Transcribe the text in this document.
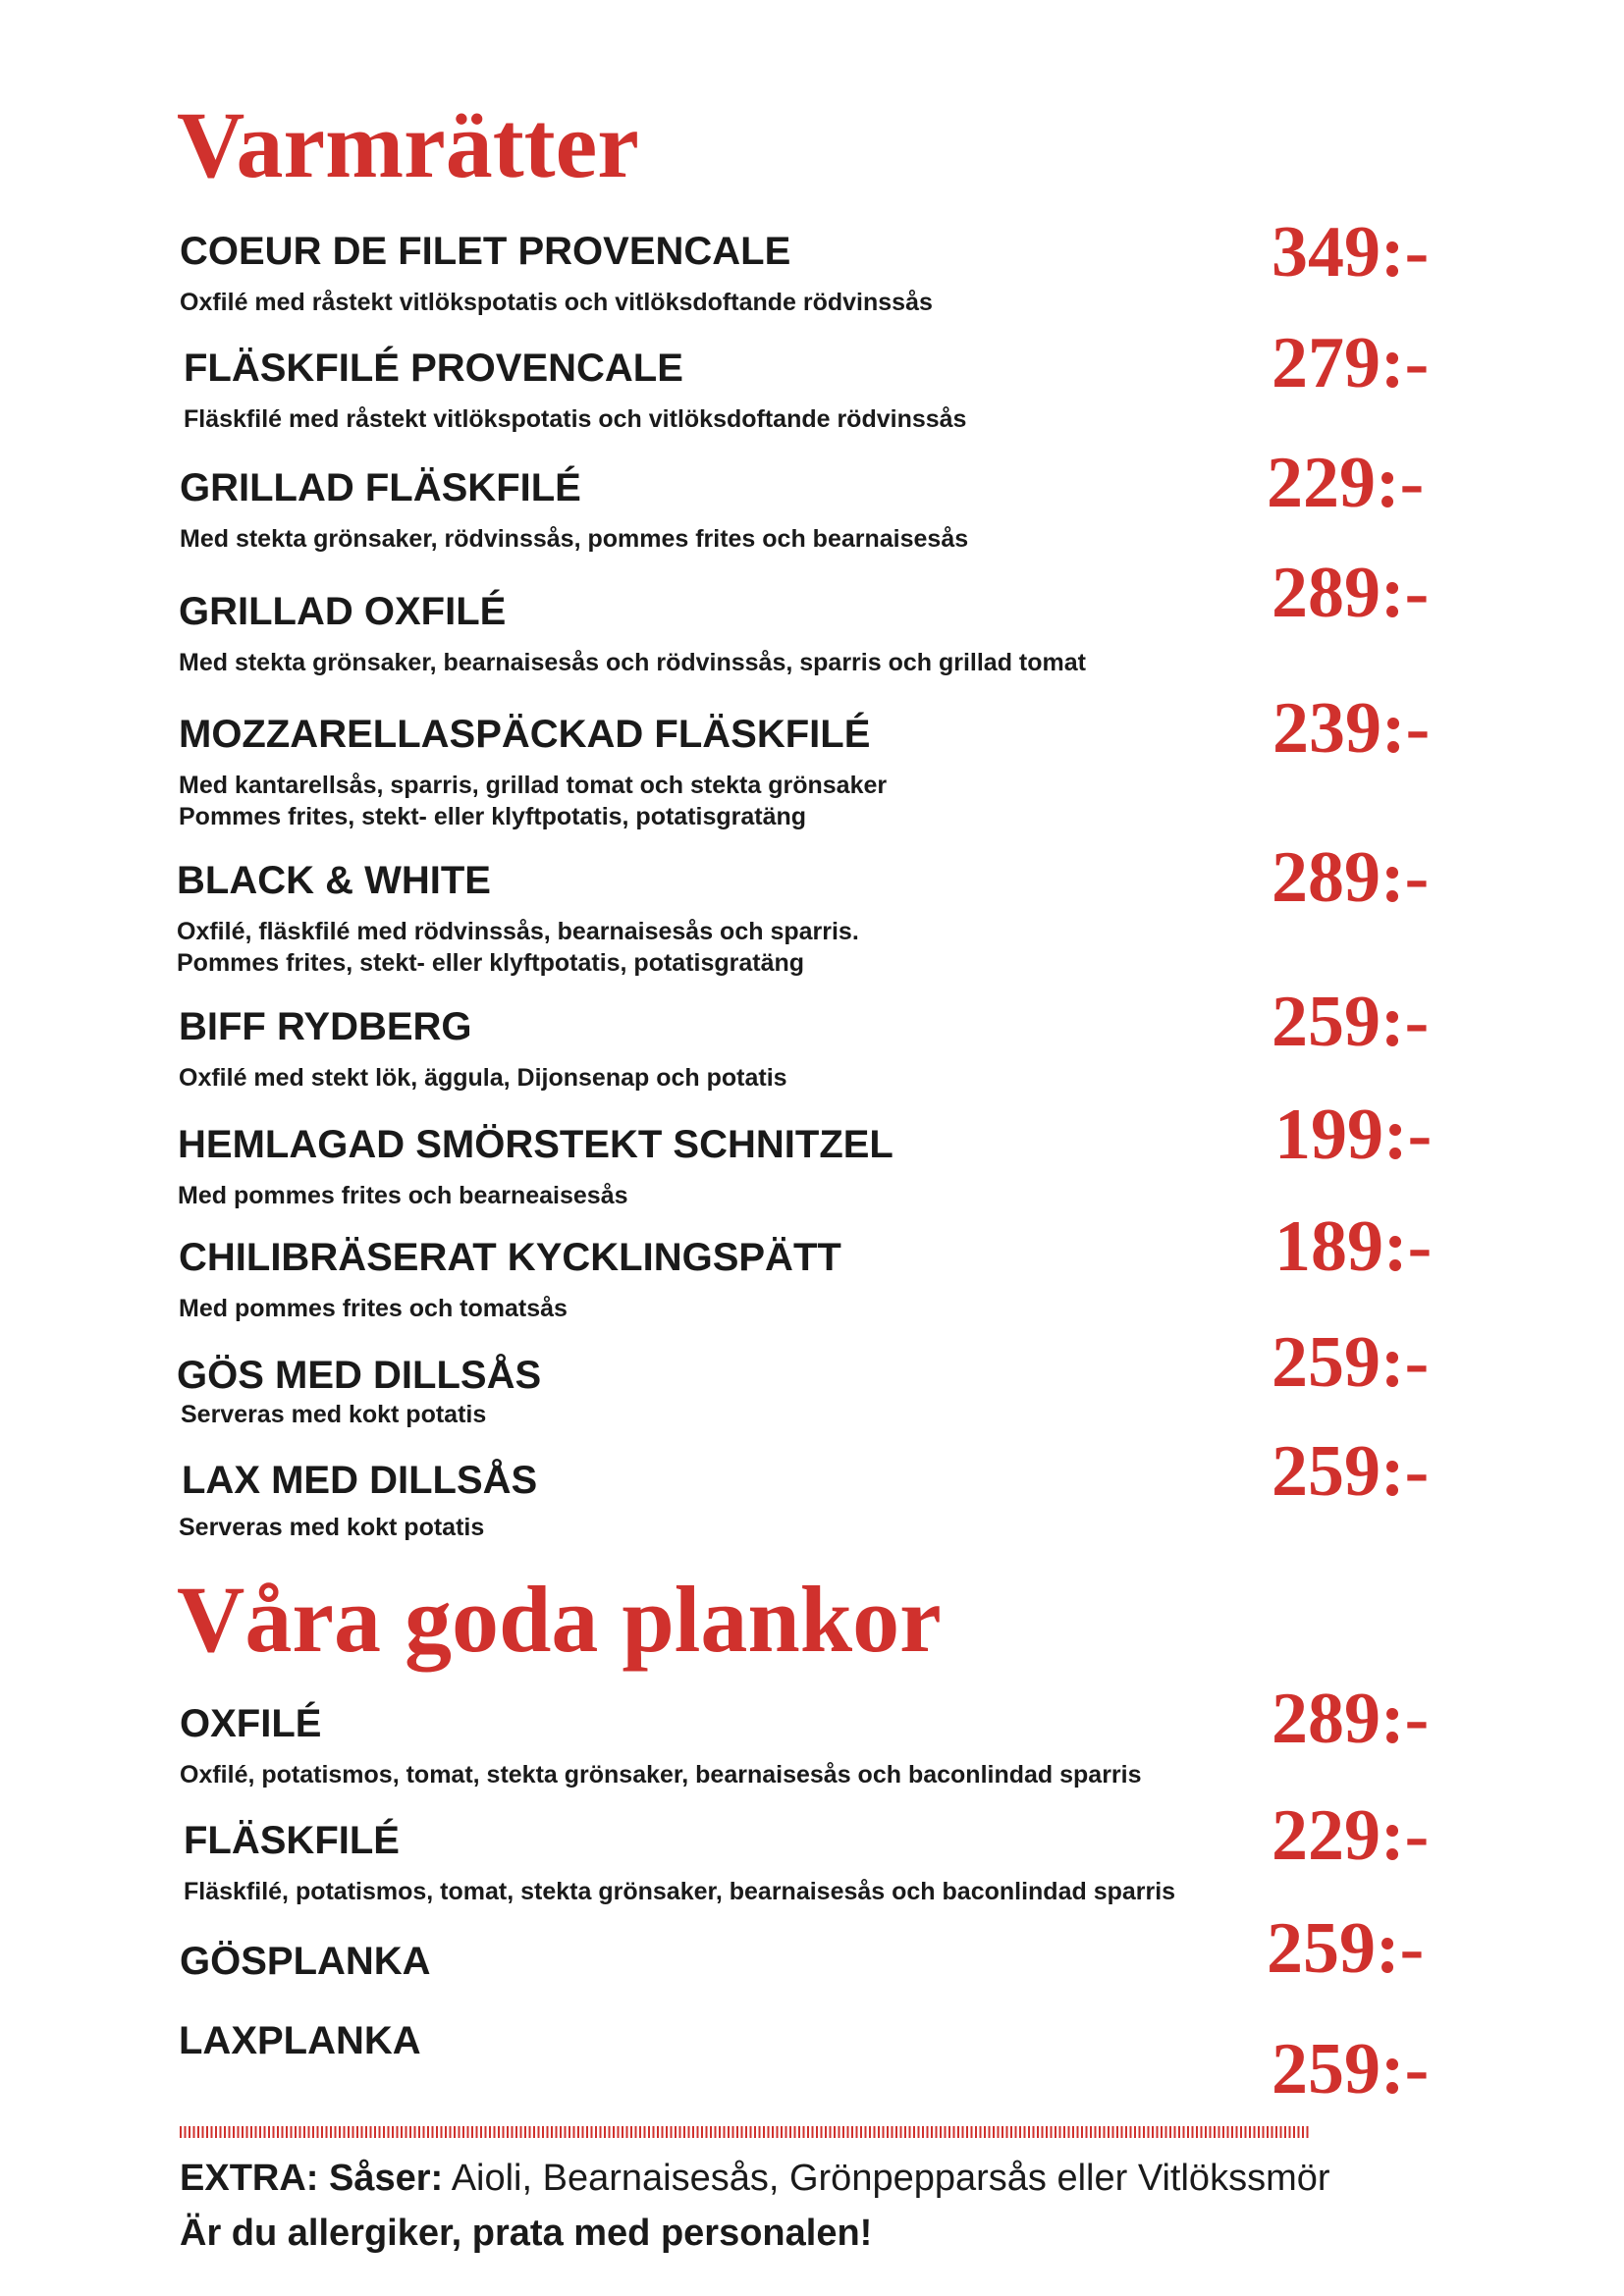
Varmrätter
COEUR DE FILET PROVENCALE
Oxfilé med råstekt vitlökspotatis och vitlöksdoftande rödvinssås
349:-
FLÄSKFILÉ PROVENCALE
Fläskfilé med råstekt vitlökspotatis och vitlöksdoftande rödvinssås
279:-
GRILLAD FLÄSKFILÉ
Med stekta grönsaker, rödvinssås, pommes frites och bearnaisesås
229:-
GRILLAD OXFILÉ
Med stekta grönsaker, bearnaisesås och rödvinssås, sparris och grillad tomat
289:-
MOZZARELLASPÄCKAD FLÄSKFILÉ
Med kantarellsås, sparris, grillad tomat och stekta grönsaker
Pommes frites, stekt- eller klyftpotatis, potatisgratäng
239:-
BLACK & WHITE
Oxfilé, fläskfilé med rödvinssås, bearnaisesås och sparris.
Pommes frites, stekt- eller klyftpotatis, potatisgratäng
289:-
BIFF RYDBERG
Oxfilé med stekt lök, äggula, Dijonsenap och potatis
259:-
HEMLAGAD SMÖRSTEKT SCHNITZEL
Med pommes frites och bearneaisesås
199:-
CHILIBRÄSERAT KYCKLINGSPÄTT
Med pommes frites och tomatsås
189:-
GÖS MED DILLSÅS
Serveras med kokt potatis
259:-
LAX MED DILLSÅS
Serveras med kokt potatis
259:-
Våra goda plankor
OXFILÉ
Oxfilé, potatismos, tomat, stekta grönsaker, bearnaisesås och baconlindad sparris
289:-
FLÄSKFILÉ
Fläskfilé, potatismos, tomat, stekta grönsaker, bearnaisesås och baconlindad sparris
229:-
GÖSPLANKA	259:-
LAXPLANKA	259:-
EXTRA: Såser: Aioli, Bearnaisesås, Grönpepparsås eller Vitlökssmör
Är du allergiker, prata med personalen!
